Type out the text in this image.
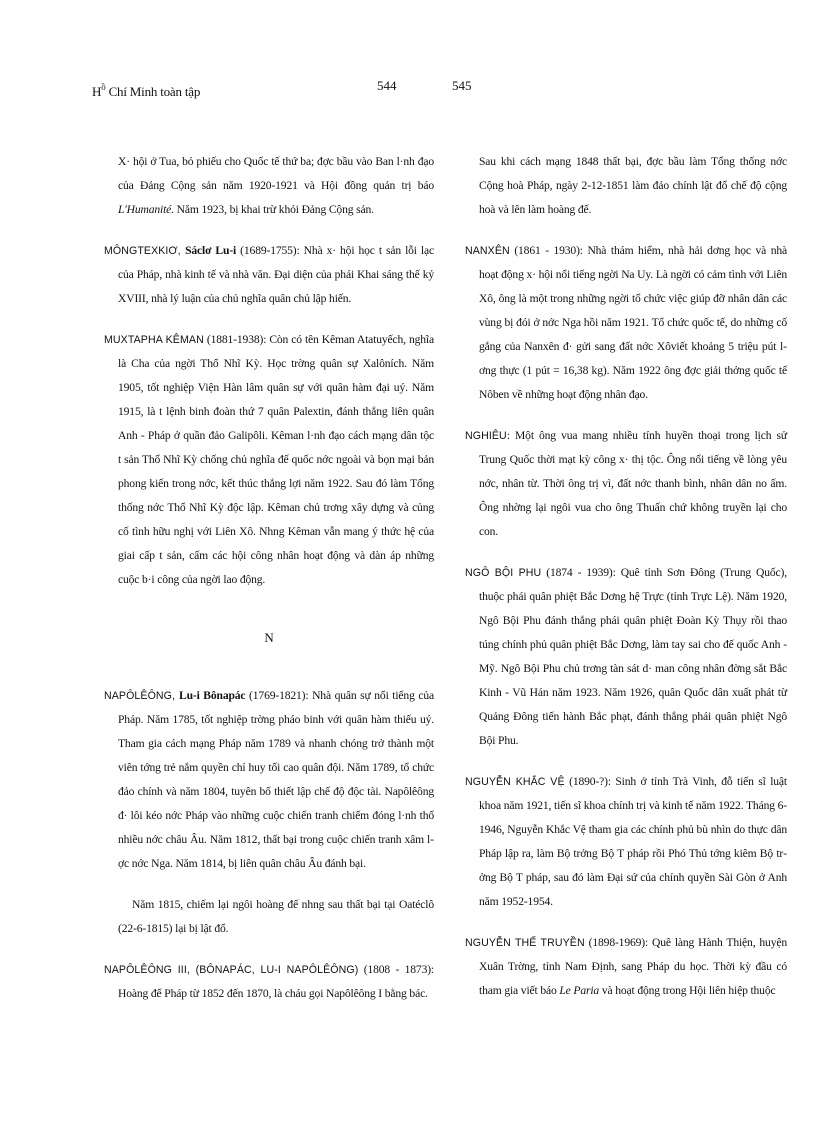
$H^ồ$ Chí Minh toàn tập	544	545

X· hội ở Tua, bỏ phiếu cho Quốc tế thứ ba; đợc bầu vào Ban l·nh đạo của Đảng Cộng sản năm 1920-1921 và Hội đồng quản trị báo L'Humanité. Năm 1923, bị khai trừ khỏi Đảng Cộng sản.

MÔNGTEXKIƠ, Sáclơ Lu-i (1689-1755): Nhà x· hội học t sản lỗi lạc của Pháp, nhà kinh tế và nhà văn. Đại diện của phái Khai sáng thế kỷ XVIII, nhà lý luận của chủ nghĩa quân chủ lập hiến.

MUXTAPHA KÊMAN (1881-1938): Còn có tên Kêman Atatuyếch, nghĩa là Cha của ngời Thổ Nhĩ Kỳ. Học trờng quân sự Xalôních. Năm 1905, tốt nghiệp Viện Hàn lâm quân sự với quân hàm đại uý. Năm 1915, là t lệnh binh đoàn thứ 7 quân Palextin, đánh thắng liên quân Anh - Pháp ở quần đảo Galipôli. Kêman l·nh đạo cách mạng dân tộc t sản Thổ Nhĩ Kỳ chống chủ nghĩa đế quốc nớc ngoài và bọn mại bản phong kiến trong nớc, kết thúc thắng lợi năm 1922. Sau đó làm Tổng thống nớc Thổ Nhĩ Kỳ độc lập. Kêman chủ trơng xây dựng và củng cố tình hữu nghị với Liên Xô. Nhng Kêman vẫn mang ý thức hệ của giai cấp t sản, cấm các hội công nhân hoạt động và dàn áp những cuộc b·i công của ngời lao động.

N

NAPÔLÊÔNG, Lu-i Bônapác (1769-1821): Nhà quân sự nổi tiếng của Pháp. Năm 1785, tốt nghiệp trờng pháo binh với quân hàm thiếu uý. Tham gia cách mạng Pháp năm 1789 và nhanh chóng trở thành một viên tớng trẻ nắm quyền chỉ huy tối cao quân đội. Năm 1789, tổ chức đảo chính và năm 1804, tuyên bố thiết lập chế độ độc tài. Napôlêông đ· lôi kéo nớc Pháp vào những cuộc chiến tranh chiếm đóng l·nh thổ nhiều nớc châu Âu. Năm 1812, thất bại trong cuộc chiến tranh xâm lợc nớc Nga. Năm 1814, bị liên quân châu Âu đánh bại.

Năm 1815, chiếm lại ngôi hoàng đế nhng sau thất bại tại Oatéclô (22-6-1815) lại bị lật đổ.

NAPÔLÊÔNG III, (BÔNAPÁC, LU-I NAPÔLÊÔNG) (1808 - 1873): Hoàng đế Pháp từ 1852 đến 1870, là cháu gọi Napôlêông I bằng bác.

Sau khi cách mạng 1848 thất bại, đợc bầu làm Tổng thống nớc Cộng hoà Pháp, ngày 2-12-1851 làm đảo chính lật đổ chế độ cộng hoà và lên làm hoàng đế.

NANXÊN (1861 - 1930): Nhà thám hiểm, nhà hải dơng học và nhà hoạt động x· hội nổi tiếng ngời Na Uy. Là ngời có cảm tình với Liên Xô, ông là một trong những ngời tổ chức việc giúp đỡ nhân dân các vùng bị đói ở nớc Nga hồi năm 1921. Tổ chức quốc tế, do những cố gắng của Nanxên đ· gửi sang đất nớc Xôviết khoảng 5 triệu pút lơng thực (1 pút = 16,38 kg). Năm 1922 ông đợc giải thởng quốc tế Nôben về những hoạt động nhân đạo.

NGHIÊU: Một ông vua mang nhiều tính huyền thoại trong lịch sử Trung Quốc thời mạt kỳ công x· thị tộc. Ông nổi tiếng về lòng yêu nớc, nhân từ. Thời ông trị vì, đất nớc thanh bình, nhân dân no ấm. Ông nhờng lại ngôi vua cho ông Thuấn chứ không truyền lại cho con.

NGÔ BỘI PHU (1874 - 1939): Quê tỉnh Sơn Đông (Trung Quốc), thuộc phái quân phiệt Bắc Dơng hệ Trực (tỉnh Trực Lệ). Năm 1920, Ngô Bội Phu đánh thắng phái quân phiệt Đoàn Kỳ Thụy rồi thao túng chính phủ quân phiệt Bắc Dơng, làm tay sai cho đế quốc Anh - Mỹ. Ngô Bội Phu chủ trơng tàn sát d· man công nhân đờng sắt Bắc Kinh - Vũ Hán năm 1923. Năm 1926, quân Quốc dân xuất phát từ Quảng Đông tiến hành Bắc phạt, đánh thắng phái quân phiệt Ngô Bội Phu.

NGUYỄN KHẮC VỆ (1890-?): Sinh ở tỉnh Trà Vinh, đỗ tiến sĩ luật khoa năm 1921, tiến sĩ khoa chính trị và kinh tế năm 1922. Tháng 6-1946, Nguyễn Khắc Vệ tham gia các chính phủ bù nhìn do thực dân Pháp lập ra, làm Bộ trởng Bộ T pháp rồi Phó Thủ tớng kiêm Bộ trởng Bộ T pháp, sau đó làm Đại sứ của chính quyền Sài Gòn ở Anh năm 1952-1954.

NGUYỄN THẾ TRUYỀN (1898-1969): Quê làng Hành Thiện, huyện Xuân Trờng, tỉnh Nam Định, sang Pháp du học. Thời kỳ đầu có tham gia viết báo Le Paria và hoạt động trong Hội liên hiệp thuộc
